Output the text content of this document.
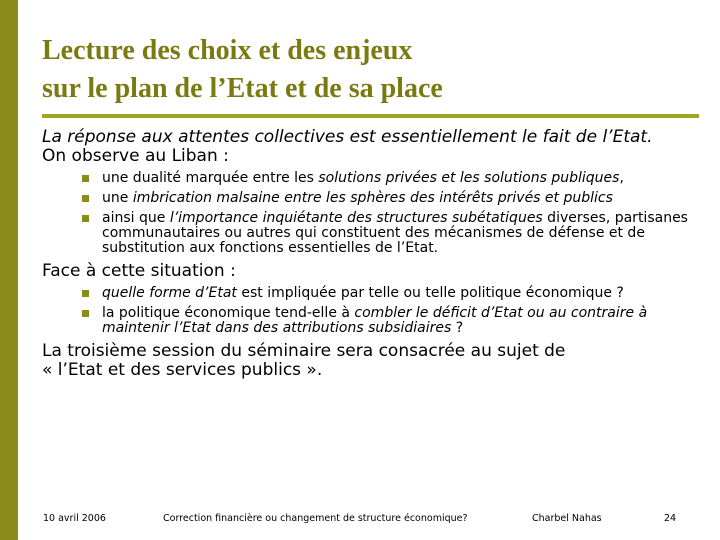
Lecture des choix et des enjeux
sur le plan de l’Etat et de sa place

La réponse aux attentes collectives est essentiellement le fait de l’Etat.
On observe au Liban :

une dualité marquée entre les solutions privées et les solutions publiques,
une imbrication malsaine entre les sphères des intérêts privés et publics
ainsi que l’importance inquiétante des structures subétatiques diverses, partisanes communautaires ou autres qui constituent des mécanismes de défense et de substitution aux fonctions essentielles de l’Etat.

Face à cette situation :

quelle forme d’Etat est impliquée par telle ou telle politique économique ?
la politique économique tend-elle à combler le déficit d’Etat ou au contraire à maintenir l’Etat dans des attributions subsidiaires ?

La troisième session du séminaire sera consacrée au sujet de
« l’Etat et des services publics ».

10 avril 2006	Correction financière ou changement de structure économique?	Charbel Nahas	24
